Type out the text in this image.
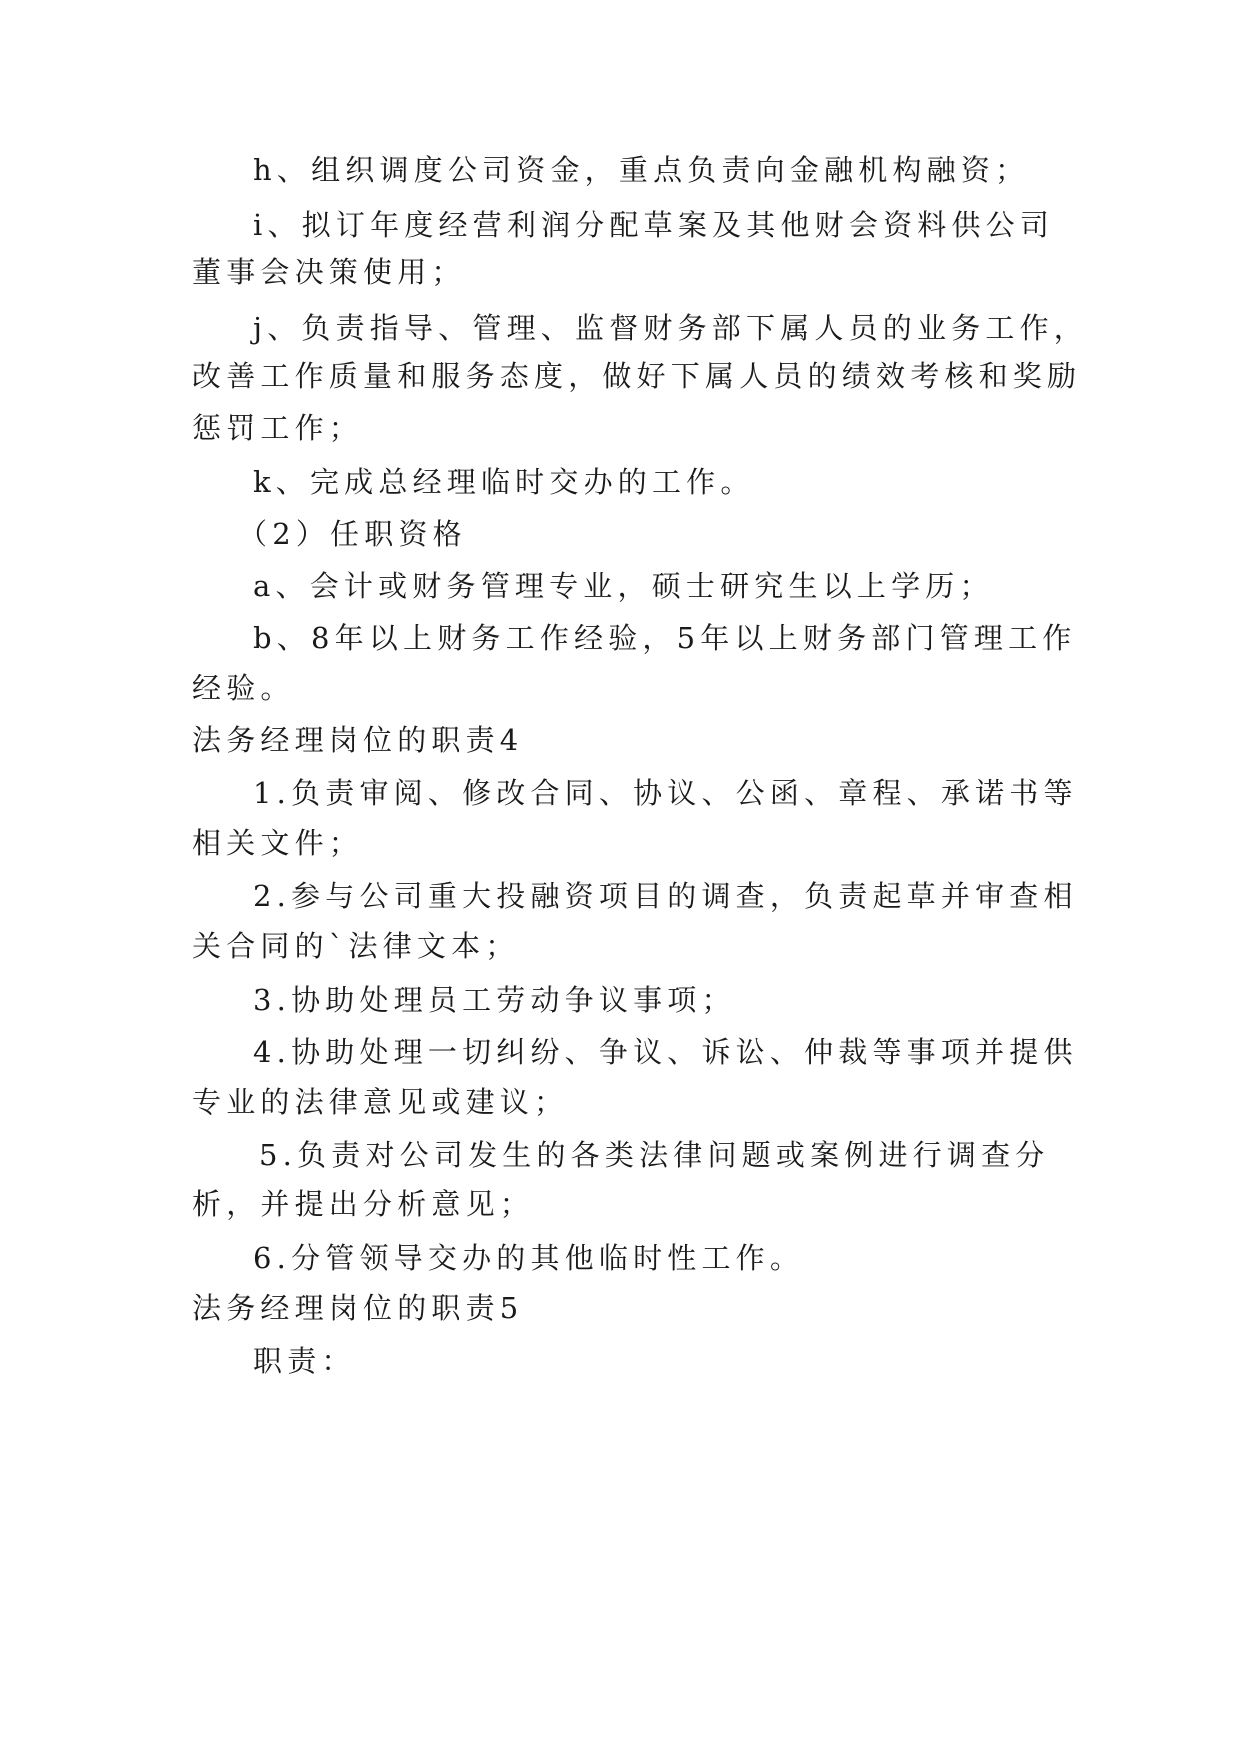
h、组织调度公司资金，重点负责向金融机构融资；
i、拟订年度经营利润分配草案及其他财会资料供公司
董事会决策使用；
j、负责指导、管理、监督财务部下属人员的业务工作，
改善工作质量和服务态度，做好下属人员的绩效考核和奖励
惩罚工作；
k、完成总经理临时交办的工作。
（2）任职资格
a、会计或财务管理专业，硕士研究生以上学历；
b、8年以上财务工作经验，5年以上财务部门管理工作
经验。
法务经理岗位的职责4
1.负责审阅、修改合同、协议、公函、章程、承诺书等
相关文件；
2.参与公司重大投融资项目的调查，负责起草并审查相
关合同的`法律文本；
3.协助处理员工劳动争议事项；
4.协助处理一切纠纷、争议、诉讼、仲裁等事项并提供
专业的法律意见或建议；
5.负责对公司发生的各类法律问题或案例进行调查分
析，并提出分析意见；
6.分管领导交办的其他临时性工作。
法务经理岗位的职责5
职责：
